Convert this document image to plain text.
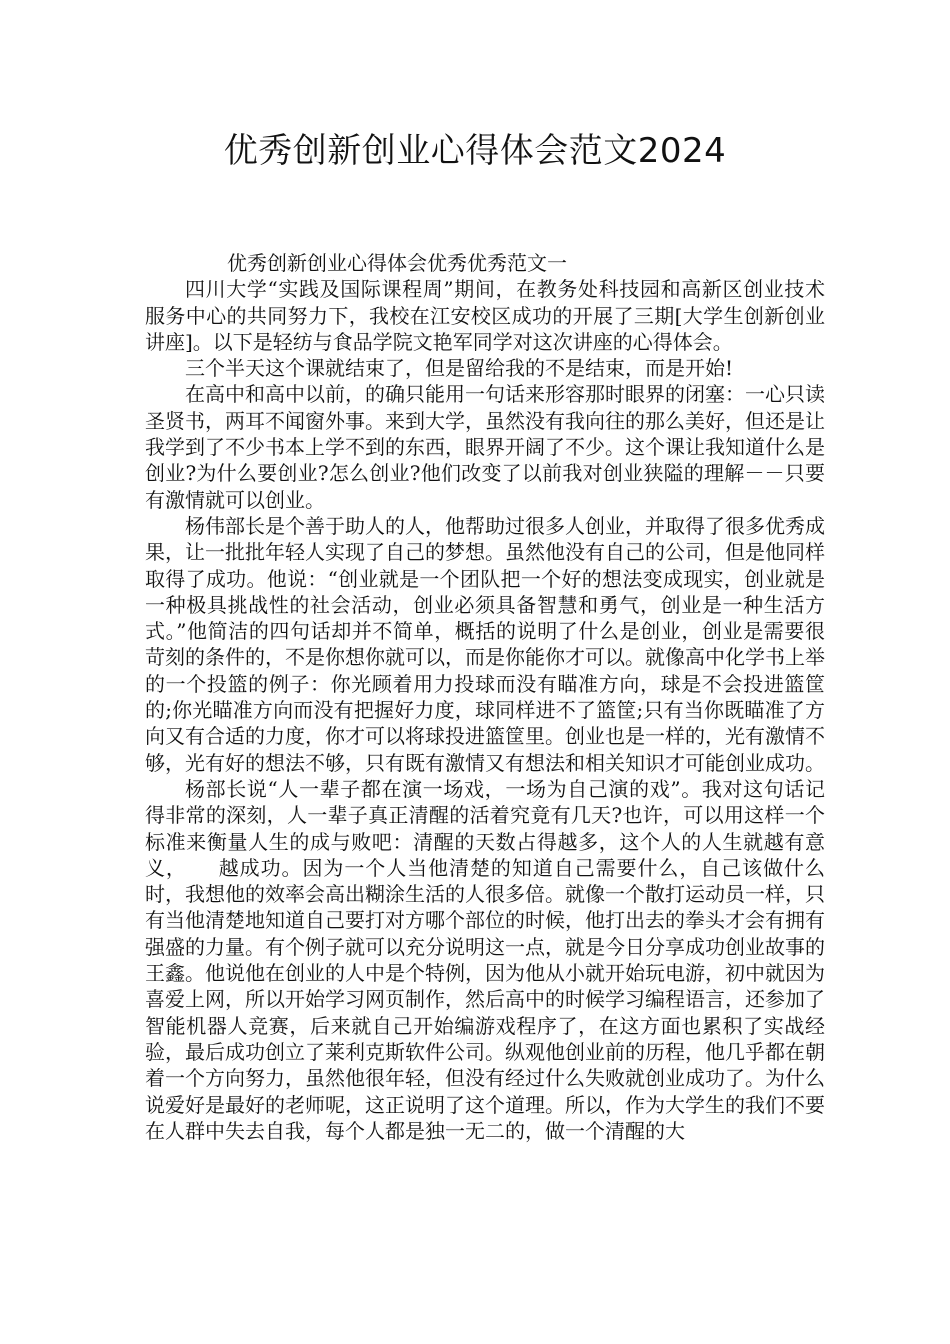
优秀创新创业心得体会范文2024

优秀创新创业心得体会优秀优秀范文一

四川大学“实践及国际课程周”期间，在教务处科技园和高新区创业技术服务中心的共同努力下，我校在江安校区成功的开展了三期[大学生创新创业讲座]。以下是轻纺与食品学院文艳军同学对这次讲座的心得体会。

三个半天这个课就结束了，但是留给我的不是结束，而是开始!

在高中和高中以前，的确只能用一句话来形容那时眼界的闭塞：一心只读圣贤书，两耳不闻窗外事。来到大学，虽然没有我向往的那么美好，但还是让我学到了不少书本上学不到的东西，眼界开阔了不少。这个课让我知道什么是创业?为什么要创业?怎么创业?他们改变了以前我对创业狭隘的理解－－只要有激情就可以创业。

杨伟部长是个善于助人的人，他帮助过很多人创业，并取得了很多优秀成果，让一批批年轻人实现了自己的梦想。虽然他没有自己的公司，但是他同样取得了成功。他说：“创业就是一个团队把一个好的想法变成现实，创业就是一种极具挑战性的社会活动，创业必须具备智慧和勇气，创业是一种生活方式。”他简洁的四句话却并不简单，概括的说明了什么是创业，创业是需要很苛刻的条件的，不是你想你就可以，而是你能你才可以。就像高中化学书上举的一个投篮的例子：你光顾着用力投球而没有瞄准方向，球是不会投进篮筐的;你光瞄准方向而没有把握好力度，球同样进不了篮筐;只有当你既瞄准了方向又有合适的力度，你才可以将球投进篮筐里。创业也是一样的，光有激情不够，光有好的想法不够，只有既有激情又有想法和相关知识才可能创业成功。

杨部长说“人一辈子都在演一场戏，一场为自己演的戏”。我对这句话记得非常的深刻，人一辈子真正清醒的活着究竟有几天?也许，可以用这样一个标准来衡量人生的成与败吧：清醒的天数占得越多，这个人的人生就越有意义，　　越成功。因为一个人当他清楚的知道自己需要什么，自己该做什么时，我想他的效率会高出糊涂生活的人很多倍。就像一个散打运动员一样，只有当他清楚地知道自己要打对方哪个部位的时候，他打出去的拳头才会有拥有强盛的力量。有个例子就可以充分说明这一点，就是今日分享成功创业故事的王鑫。他说他在创业的人中是个特例，因为他从小就开始玩电游，初中就因为喜爱上网，所以开始学习网页制作，然后高中的时候学习编程语言，还参加了智能机器人竞赛，后来就自己开始编游戏程序了，在这方面也累积了实战经验，最后成功创立了莱利克斯软件公司。纵观他创业前的历程，他几乎都在朝着一个方向努力，虽然他很年轻，但没有经过什么失败就创业成功了。为什么说爱好是最好的老师呢，这正说明了这个道理。所以，作为大学生的我们不要在人群中失去自我，每个人都是独一无二的，做一个清醒的大
